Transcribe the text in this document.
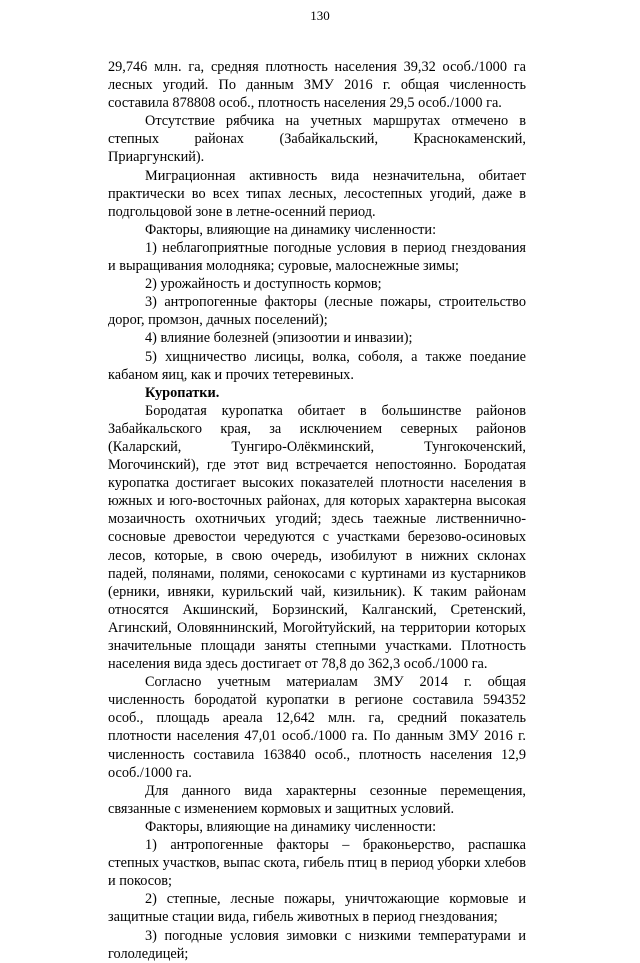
130

29,746 млн. га, средняя плотность населения 39,32 особ./1000 га лесных угодий. По данным ЗМУ 2016 г. общая численность составила 878808 особ., плотность населения 29,5 особ./1000 га.

Отсутствие рябчика на учетных маршрутах отмечено в степных районах (Забайкальский, Краснокаменский, Приаргунский).

Миграционная активность вида незначительна, обитает практически во всех типах лесных, лесостепных угодий, даже в подгольцовой зоне в летне-осенний период.

Факторы, влияющие на динамику численности:

1) неблагоприятные погодные условия в период гнездования и выращивания молодняка; суровые, малоснежные зимы;

2) урожайность и доступность кормов;

3) антропогенные факторы (лесные пожары, строительство дорог, промзон, дачных поселений);

4) влияние болезней (эпизоотии и инвазии);

5) хищничество лисицы, волка, соболя, а также поедание кабаном яиц, как и прочих тетеревиных.

Куропатки.

Бородатая куропатка обитает в большинстве районов Забайкальского края, за исключением северных районов (Каларский, Тунгиро-Олёкминский, Тунгокоченский, Могочинский), где этот вид встречается непостоянно. Бородатая куропатка достигает высоких показателей плотности населения в южных и юго-восточных районах, для которых характерна высокая мозаичность охотничьих угодий; здесь таежные лиственнично-сосновые древостои чередуются с участками березово-осиновых лесов, которые, в свою очередь, изобилуют в нижних склонах падей, полянами, полями, сенокосами с куртинами из кустарников (ерники, ивняки, курильский чай, кизильник). К таким районам относятся Акшинский, Борзинский, Калганский, Сретенский, Агинский, Оловяннинский, Могойтуйский, на территории которых значительные площади заняты степными участками. Плотность населения вида здесь достигает от 78,8 до 362,3 особ./1000 га.

Согласно учетным материалам ЗМУ 2014 г. общая численность бородатой куропатки в регионе составила 594352 особ., площадь ареала 12,642 млн. га, средний показатель плотности населения 47,01 особ./1000 га. По данным ЗМУ 2016 г. численность составила 163840 особ., плотность населения 12,9 особ./1000 га.

Для данного вида характерны сезонные перемещения, связанные с изменением кормовых и защитных условий.

Факторы, влияющие на динамику численности:

1) антропогенные факторы – браконьерство, распашка степных участков, выпас скота, гибель птиц в период уборки хлебов и покосов;

2) степные, лесные пожары, уничтожающие кормовые и защитные стации вида, гибель животных в период гнездования;

3) погодные условия зимовки с низкими температурами и гололедицей;
